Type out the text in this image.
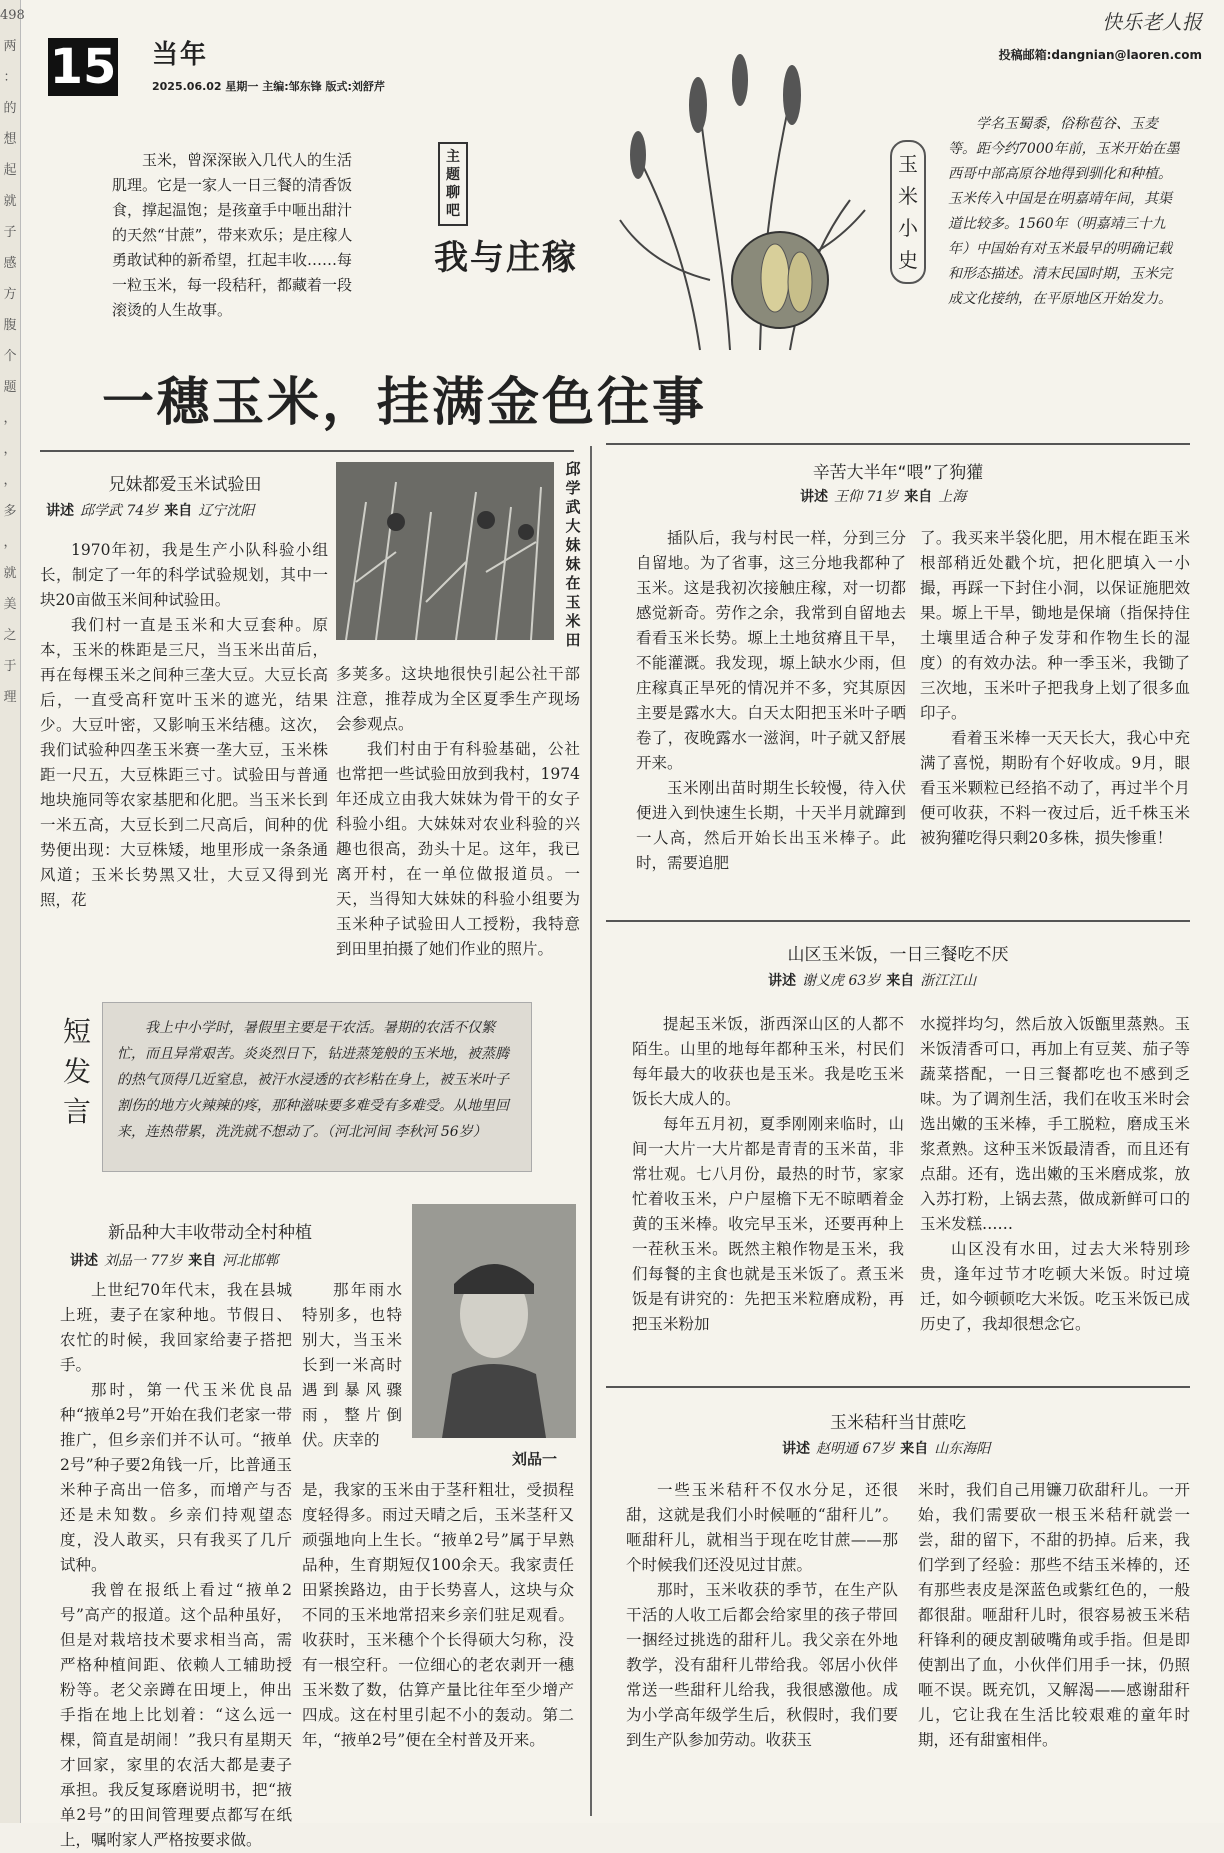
498
两
：
的
想
起
就
子
感
方
腹
个
题
，
，
，
多
，
就
美
之
于
理
15 当年
2025.06.02 星期一 主编:邹东锋 版式:刘舒芹
快乐老人报
投稿邮箱:dangnian@laoren.com
玉米，曾深深嵌入几代人的生活肌理。它是一家人一日三餐的清香饭食，撑起温饱；是孩童手中咂出甜汁的天然“甘蔗”，带来欢乐；是庄稼人勇敢试种的新希望，扛起丰收……每一粒玉米，每一段秸秆，都藏着一段滚烫的人生故事。
主题聊吧
我与庄稼
玉米小史
学名玉蜀黍，俗称苞谷、玉麦等。距今约7000年前，玉米开始在墨西哥中部高原谷地得到驯化和种植。玉米传入中国是在明嘉靖年间，其渠道比较多。1560年（明嘉靖三十九年）中国始有对玉米最早的明确记载和形态描述。清末民国时期，玉米完成文化接纳，在平原地区开始发力。
一穗玉米，挂满金色往事
兄妹都爱玉米试验田
讲述 邱学武 74岁 来自 辽宁沈阳
邱学武大妹妹在玉米田

1970年初，我是生产小队科验小组长，制定了一年的科学试验规划，其中一块20亩做玉米间种试验田。

我们村一直是玉米和大豆套种。原本，玉米的株距是三尺，当玉米出苗后，再在每棵玉米之间种三垄大豆。大豆长高后，一直受高秆宽叶玉米的遮光，结果少。大豆叶密，又影响玉米结穗。这次，我们试验种四垄玉米赛一垄大豆，玉米株距一尺五，大豆株距三寸。试验田与普通地块施同等农家基肥和化肥。当玉米长到一米五高，大豆长到二尺高后，间种的优势便出现：大豆株矮，地里形成一条条通风道；玉米长势黑又壮，大豆又得到光照，花

多荚多。这块地很快引起公社干部注意，推荐成为全区夏季生产现场会参观点。

我们村由于有科验基础，公社也常把一些试验田放到我村，1974年还成立由我大妹妹为骨干的女子科验小组。大妹妹对农业科验的兴趣也很高，劲头十足。这年，我已离开村，在一单位做报道员。一天，当得知大妹妹的科验小组要为玉米种子试验田人工授粉，我特意到田里拍摄了她们作业的照片。

短发言
我上中小学时，暑假里主要是干农活。暑期的农活不仅繁忙，而且异常艰苦。炎炎烈日下，钻进蒸笼般的玉米地，被蒸腾的热气顶得几近窒息，被汗水浸透的衣衫粘在身上，被玉米叶子割伤的地方火辣辣的疼，那种滋味要多难受有多难受。从地里回来，连热带累，洗洗就不想动了。（河北河间 李秋河 56岁）
新品种大丰收带动全村种植
讲述 刘品一 77岁 来自 河北邯郸
刘品一

上世纪70年代末，我在县城上班，妻子在家种地。节假日、农忙的时候，我回家给妻子搭把手。

那时，第一代玉米优良品种“掖单2号”开始在我们老家一带推广，但乡亲们并不认可。“掖单2号”种子要2角钱一斤，比普通玉米种子高出一倍多，而增产与否还是未知数。乡亲们持观望态度，没人敢买，只有我买了几斤试种。

我曾在报纸上看过“掖单2号”高产的报道。这个品种虽好，但是对栽培技术要求相当高，需严格种植间距、依赖人工辅助授粉等。老父亲蹲在田埂上，伸出手指在地上比划着：“这么远一棵，简直是胡闹！”我只有星期天才回家，家里的农活大都是妻子承担。我反复琢磨说明书，把“掖单2号”的田间管理要点都写在纸上，嘱咐家人严格按要求做。

那年雨水特别多，也特别大，当玉米长到一米高时遇到暴风骤雨，整片倒伏。庆幸的

是，我家的玉米由于茎秆粗壮，受损程度轻得多。雨过天晴之后，玉米茎秆又顽强地向上生长。“掖单2号”属于早熟品种，生育期短仅100余天。我家责任田紧挨路边，由于长势喜人，这块与众不同的玉米地常招来乡亲们驻足观看。收获时，玉米穗个个长得硕大匀称，没有一根空秆。一位细心的老农剥开一穗玉米数了数，估算产量比往年至少增产四成。这在村里引起不小的轰动。第二年，“掖单2号”便在全村普及开来。

辛苦大半年“喂”了狗獾
讲述 王仰 71岁 来自 上海

插队后，我与村民一样，分到三分自留地。为了省事，这三分地我都种了玉米。这是我初次接触庄稼，对一切都感觉新奇。劳作之余，我常到自留地去看看玉米长势。塬上土地贫瘠且干旱，不能灌溉。我发现，塬上缺水少雨，但庄稼真正旱死的情况并不多，究其原因主要是露水大。白天太阳把玉米叶子晒卷了，夜晚露水一滋润，叶子就又舒展开来。

玉米刚出苗时期生长较慢，待入伏便进入到快速生长期，十天半月就蹿到一人高，然后开始长出玉米棒子。此时，需要追肥

了。我买来半袋化肥，用木棍在距玉米根部稍近处戳个坑，把化肥填入一小撮，再踩一下封住小洞，以保证施肥效果。塬上干旱，锄地是保墒（指保持住土壤里适合种子发芽和作物生长的湿度）的有效办法。种一季玉米，我锄了三次地，玉米叶子把我身上划了很多血印子。

看着玉米棒一天天长大，我心中充满了喜悦，期盼有个好收成。9月，眼看玉米颗粒已经掐不动了，再过半个月便可收获，不料一夜过后，近千株玉米被狗獾吃得只剩20多株，损失惨重！

山区玉米饭，一日三餐吃不厌
讲述 谢义虎 63岁 来自 浙江江山

提起玉米饭，浙西深山区的人都不陌生。山里的地每年都种玉米，村民们每年最大的收获也是玉米。我是吃玉米饭长大成人的。

每年五月初，夏季刚刚来临时，山间一大片一大片都是青青的玉米苗，非常壮观。七八月份，最热的时节，家家忙着收玉米，户户屋檐下无不晾晒着金黄的玉米棒。收完早玉米，还要再种上一茬秋玉米。既然主粮作物是玉米，我们每餐的主食也就是玉米饭了。煮玉米饭是有讲究的：先把玉米粒磨成粉，再把玉米粉加

水搅拌均匀，然后放入饭甑里蒸熟。玉米饭清香可口，再加上有豆荚、茄子等蔬菜搭配，一日三餐都吃也不感到乏味。为了调剂生活，我们在收玉米时会选出嫩的玉米棒，手工脱粒，磨成玉米浆煮熟。这种玉米饭最清香，而且还有点甜。还有，选出嫩的玉米磨成浆，放入苏打粉，上锅去蒸，做成新鲜可口的玉米发糕……

山区没有水田，过去大米特别珍贵，逢年过节才吃顿大米饭。时过境迁，如今顿顿吃大米饭。吃玉米饭已成历史了，我却很想念它。

玉米秸秆当甘蔗吃
讲述 赵明通 67岁 来自 山东海阳

一些玉米秸秆不仅水分足，还很甜，这就是我们小时候咂的“甜秆儿”。咂甜秆儿，就相当于现在吃甘蔗——那个时候我们还没见过甘蔗。

那时，玉米收获的季节，在生产队干活的人收工后都会给家里的孩子带回一捆经过挑选的甜秆儿。我父亲在外地教学，没有甜秆儿带给我。邻居小伙伴常送一些甜秆儿给我，我很感激他。成为小学高年级学生后，秋假时，我们要到生产队参加劳动。收获玉

米时，我们自己用镰刀砍甜秆儿。一开始，我们需要砍一根玉米秸秆就尝一尝，甜的留下，不甜的扔掉。后来，我们学到了经验：那些不结玉米棒的，还有那些表皮是深蓝色或紫红色的，一般都很甜。咂甜秆儿时，很容易被玉米秸秆锋利的硬皮割破嘴角或手指。但是即使割出了血，小伙伴们用手一抹，仍照咂不误。既充饥，又解渴——感谢甜秆儿，它让我在生活比较艰难的童年时期，还有甜蜜相伴。
